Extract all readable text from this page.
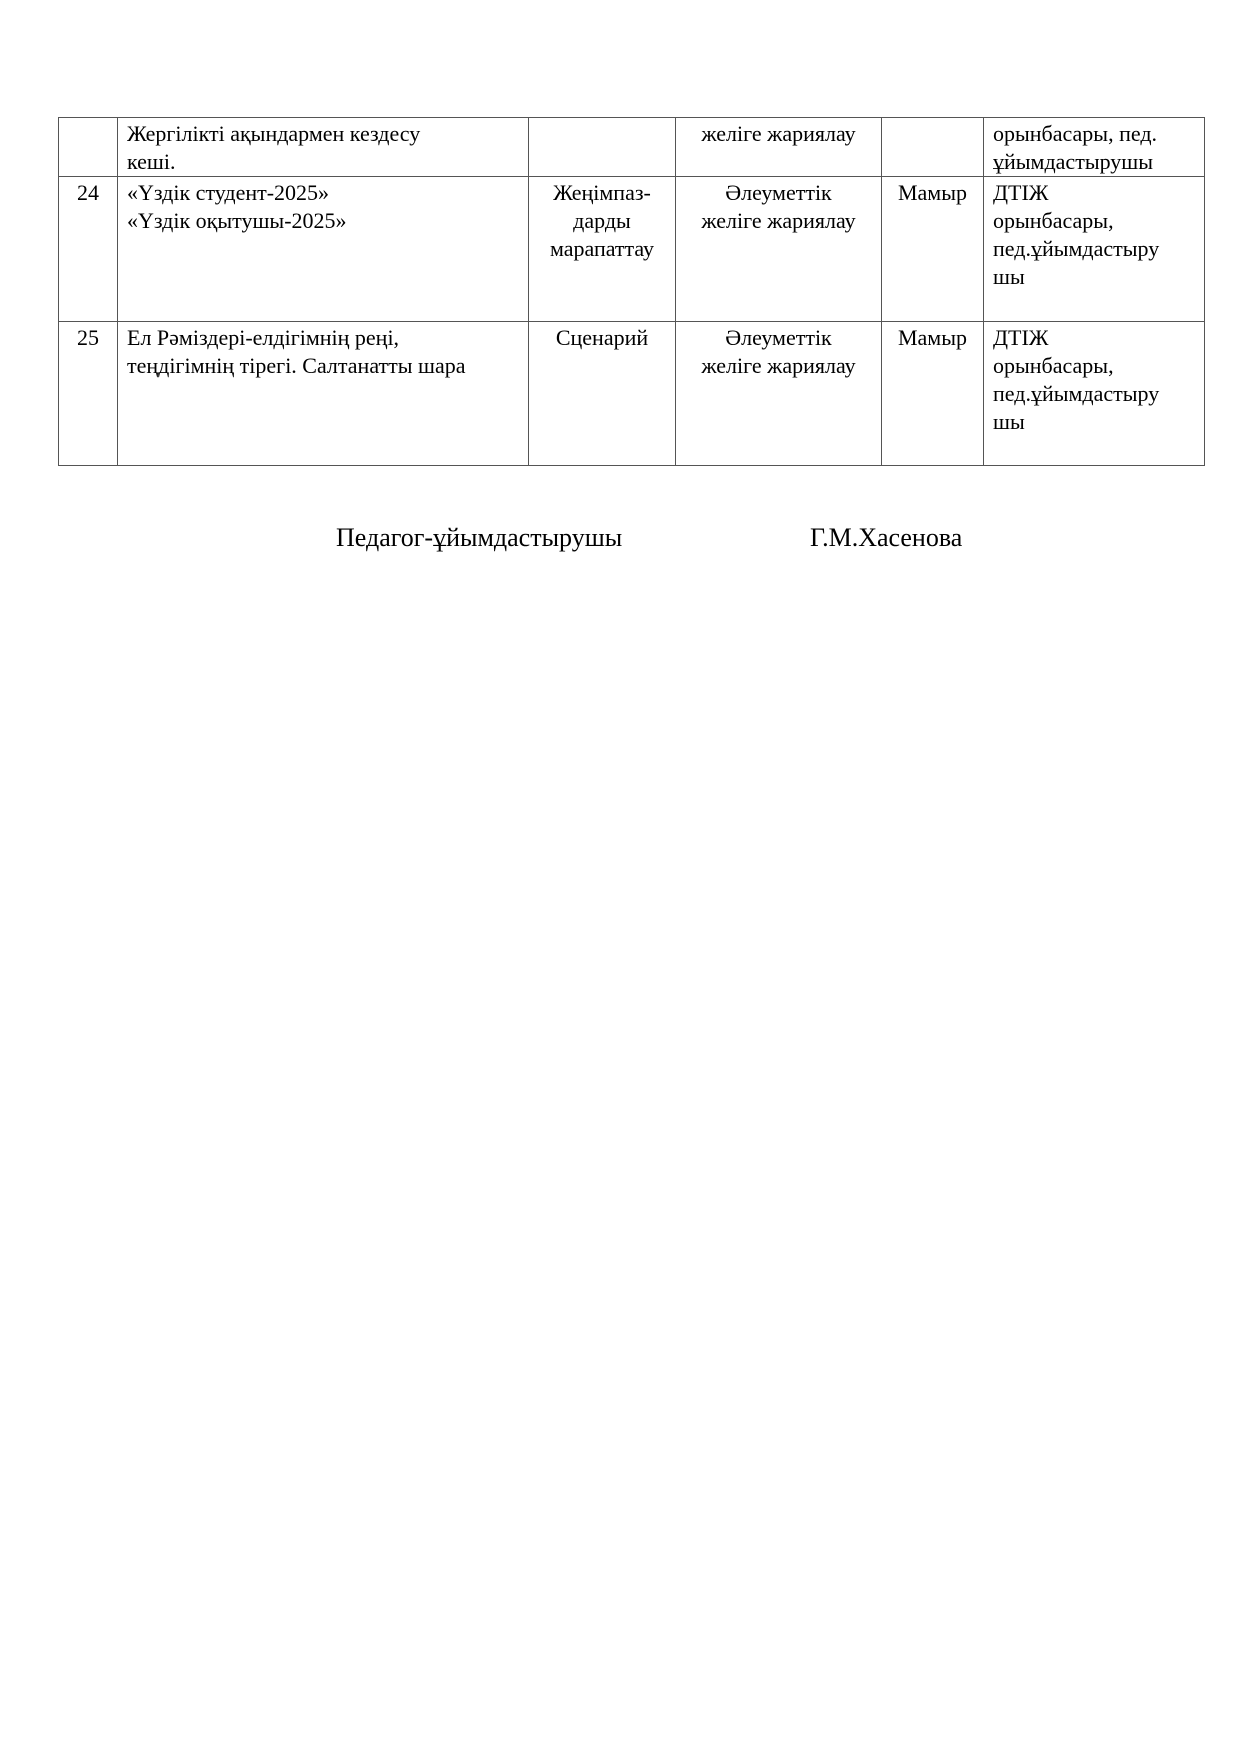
	Жергілікті ақындармен кездесу
кеші.		желіге жариялау		орынбасары, пед.
ұйымдастырушы

24	«Үздік студент-2025»
«Үздік оқытушы-2025»	Жеңімпаз-
дарды
марапаттау	Әлеуметтік
желіге жариялау	Мамыр	ДТІЖ
орынбасары,
пед.ұйымдастыру
шы

25	Ел Рәміздері-елдігімнің реңі,
теңдігімнің тірегі. Салтанатты шара	Сценарий	Әлеуметтік
желіге жариялау	Мамыр	ДТІЖ
орынбасары,
пед.ұйымдастыру
шы
Педагог-ұйымдастырушы	Г.М.Хасенова
